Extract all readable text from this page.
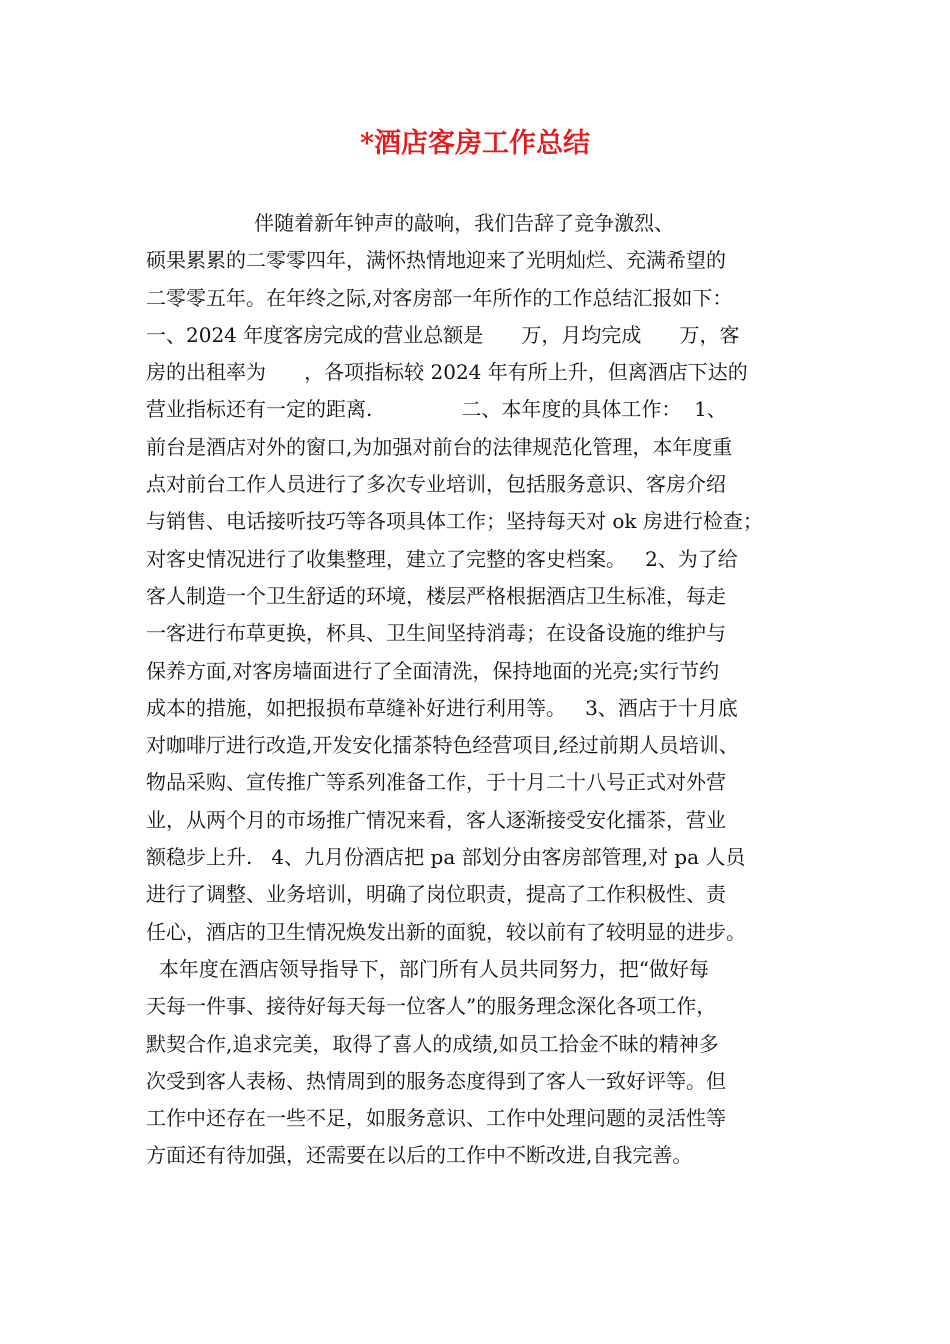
*酒店客房工作总结
伴随着新年钟声的敲响，我们告辞了竞争激烈、
硕果累累的二零零四年，满怀热情地迎来了光明灿烂、充满希望的
二零零五年。在年终之际,对客房部一年所作的工作总结汇报如下：
一、2024 年度客房完成的营业总额是      万，月均完成      万，客
房的出租率为      ，各项指标较 2024 年有所上升，但离酒店下达的
营业指标还有一定的距离.              二、本年度的具体工作：  1、
前台是酒店对外的窗口,为加强对前台的法律规范化管理，本年度重
点对前台工作人员进行了多次专业培训，包括服务意识、客房介绍
与销售、电话接听技巧等各项具体工作；坚持每天对 ok 房进行检查；
对客史情况进行了收集整理，建立了完整的客史档案。   2、为了给
客人制造一个卫生舒适的环境，楼层严格根据酒店卫生标准，每走
一客进行布草更换，杯具、卫生间坚持消毒；在设备设施的维护与
保养方面,对客房墙面进行了全面清洗，保持地面的光亮;实行节约
成本的措施，如把报损布草缝补好进行利用等。   3、酒店于十月底
对咖啡厅进行改造,开发安化擂茶特色经营项目,经过前期人员培训、
物品采购、宣传推广等系列准备工作，于十月二十八号正式对外营
业，从两个月的市场推广情况来看，客人逐渐接受安化擂茶，营业
额稳步上升.   4、九月份酒店把 pa 部划分由客房部管理,对 pa 人员
进行了调整、业务培训，明确了岗位职责，提高了工作积极性、责
任心，酒店的卫生情况焕发出新的面貌，较以前有了较明显的进步。
本年度在酒店领导指导下，部门所有人员共同努力，把“做好每
天每一件事、接待好每天每一位客人”的服务理念深化各项工作，
默契合作,追求完美，取得了喜人的成绩,如员工拾金不昧的精神多
次受到客人表杨、热情周到的服务态度得到了客人一致好评等。但
工作中还存在一些不足，如服务意识、工作中处理问题的灵活性等
方面还有待加强，还需要在以后的工作中不断改进,自我完善。
